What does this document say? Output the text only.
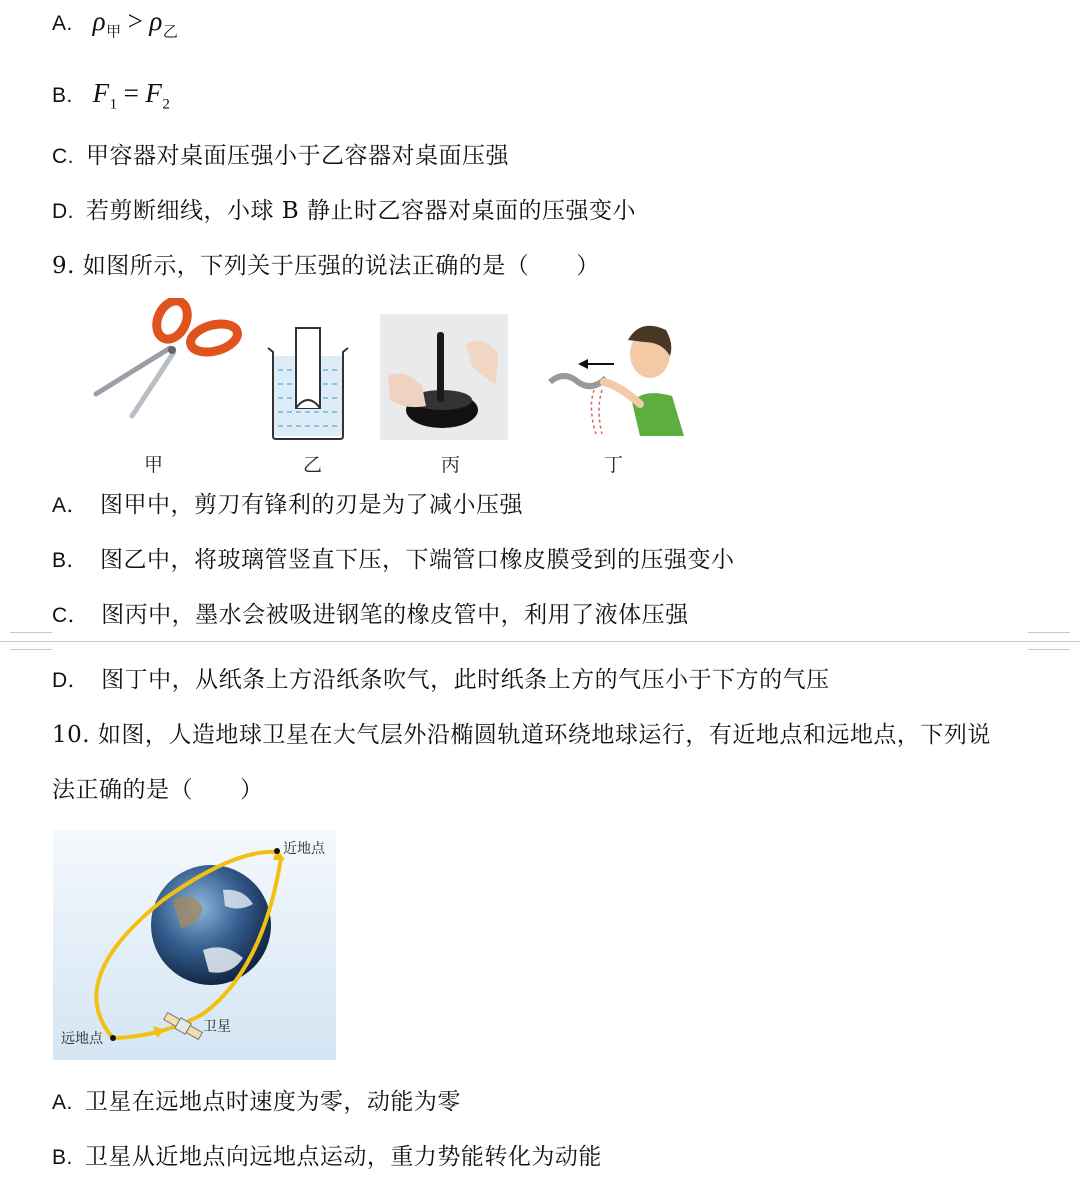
A. $\rho_甲 > \rho_乙$
B. $F_1 = F_2$
C. 甲容器对桌面压强小于乙容器对桌面压强
D. 若剪断细线，小球 B 静止时乙容器对桌面的压强变小
9. 如图所示，下列关于压强的说法正确的是（　　）
甲	乙	丙	丁
A． 图甲中，剪刀有锋利的刃是为了减小压强
B． 图乙中，将玻璃管竖直下压，下端管口橡皮膜受到的压强变小
C． 图丙中，墨水会被吸进钢笔的橡皮管中，利用了液体压强
D． 图丁中，从纸条上方沿纸条吹气，此时纸条上方的气压小于下方的气压
10. 如图，人造地球卫星在大气层外沿椭圆轨道环绕地球运行，有近地点和远地点，下列说
法正确的是（　　）
近地点
远地点
卫星
A. 卫星在远地点时速度为零，动能为零
B. 卫星从近地点向远地点运动，重力势能转化为动能
